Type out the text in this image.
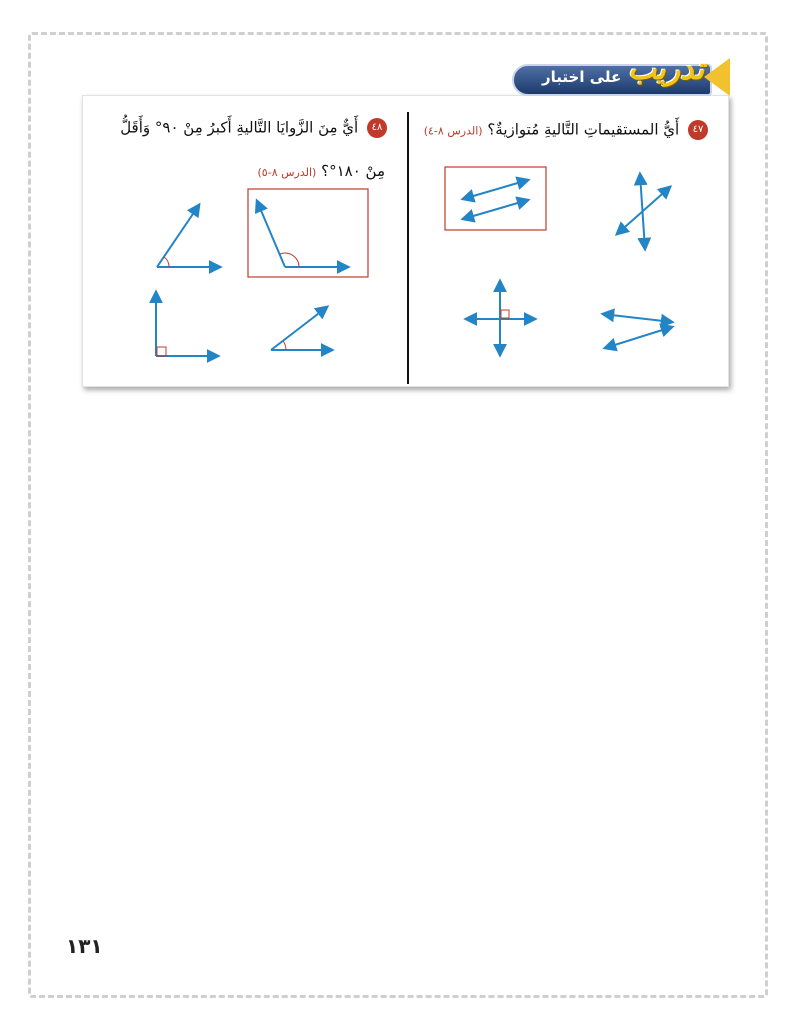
تدريب
على اختبار
٤٧ أَيُّ المستقيماتِ التَّاليةِ مُتوازيةٌ؟ (الدرس ٨-٤)
٤٨ أَيٌّ مِنَ الزَّوايَا التَّاليةِ أَكبرُ مِنْ ٩٠° وَأَقَلُّ
مِنْ ١٨٠°؟ (الدرس ٨-٥)
١٣١
